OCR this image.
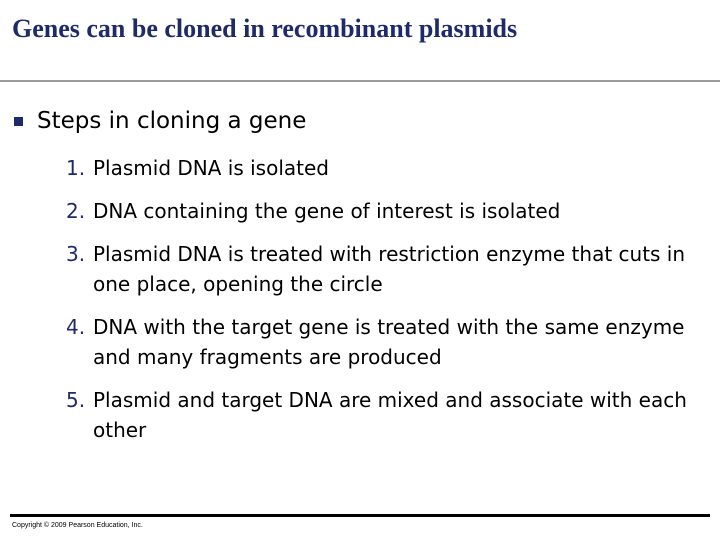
Genes can be cloned in recombinant plasmids
Steps in cloning a gene
1. Plasmid DNA is isolated
2. DNA containing the gene of interest is isolated
3. Plasmid DNA is treated with restriction enzyme that cuts in one place, opening the circle
4. DNA with the target gene is treated with the same enzyme and many fragments are produced
5. Plasmid and target DNA are mixed and associate with each other
Copyright © 2009 Pearson Education, Inc.
